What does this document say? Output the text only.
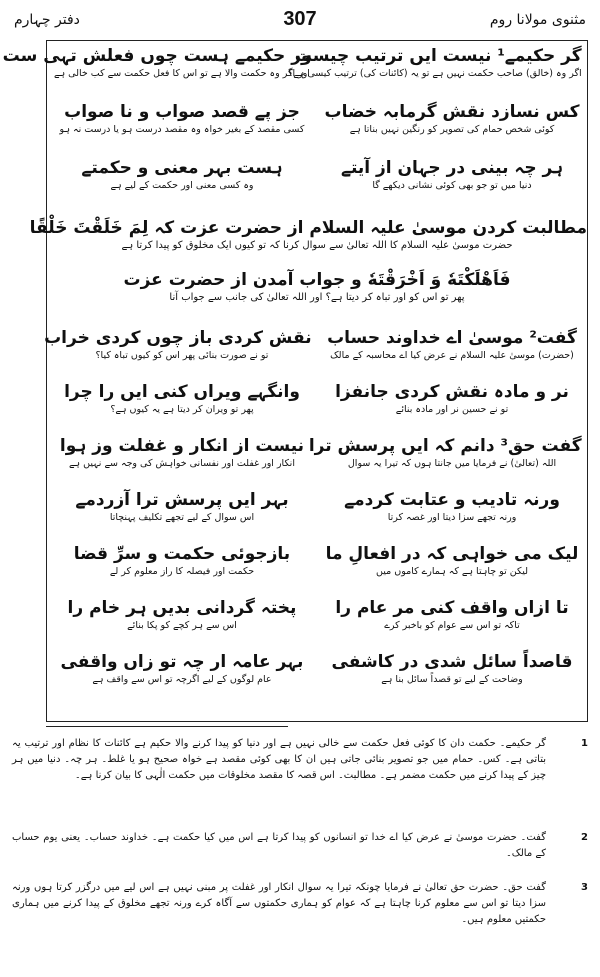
مثنوی مولانا روم
307
دفتر چہارم
گر حکیمے¹ نیست ایں ترتیب چیست
اگر وہ (خالق) صاحب حکمت نہیں ہے تو یہ (کائنات کی) ترتیب کیسی ہے؟
ور حکیمے ہست چوں فعلش تہی ست
اور اگر وہ حکمت والا ہے تو اس کا فعل حکمت سے کب خالی ہے
کس نسازد نقش گرمابہ خضاب
کوئی شخص حمام کی تصویر کو رنگین نہیں بناتا ہے
جز پے قصد صواب و نا صواب
کسی مقصد کے بغیر خواہ وہ مقصد درست ہو یا درست نہ ہو
ہر چہ بینی در جہان از آیتے
دنیا میں تو جو بھی کوئی نشانی دیکھے گا
ہست بہر معنی و حکمتے
وہ کسی معنی اور حکمت کے لیے ہے
مطالبت کردن موسیٰ علیہ السلام از حضرت عزت کہ لِمَ خَلَقْتَ خَلْقًا
حضرت موسیٰ علیہ السلام کا اللہ تعالیٰ سے سوال کرنا کہ تو کیوں ایک مخلوق کو پیدا کرتا ہے
فَاَهْلَکْتَهٗ وَ اَخْرَقْتَهٗ و جواب آمدن از حضرت عزت
پھر تو اس کو اور تباہ کر دیتا ہے؟ اور اللہ تعالیٰ کی جانب سے جواب آنا
گفت² موسیٰ اے خداوند حساب
(حضرت) موسیٰ علیہ السلام نے عرض کیا اے محاسبہ کے مالک
نقش کردی باز چوں کردی خراب
تو نے صورت بنائی پھر اس کو کیوں تباہ کیا؟
نر و مادہ نقش کردی جانفزا
تو نے حسین نر اور مادہ بنائے
وانگہے ویراں کنی ایں را چرا
پھر تو ویران کر دیتا ہے یہ کیوں ہے؟
گفت حق³ دانم کہ ایں پرسش ترا
اللہ (تعالیٰ) نے فرمایا میں جانتا ہوں کہ تیرا یہ سوال
نیست از انکار و غفلت وز ہوا
انکار اور غفلت اور نفسانی خواہش کی وجہ سے نہیں ہے
ورنہ تادیب و عتابت کردمے
ورنہ تجھے سزا دیتا اور غصہ کرتا
بہر ایں پرسش ترا آزردمے
اس سوال کے لیے تجھے تکلیف پہنچاتا
لیک می خواہی کہ در افعالِ ما
لیکن تو چاہتا ہے کہ ہمارے کاموں میں
بازجوئی حکمت و سرِّ قضا
حکمت اور فیصلہ کا راز معلوم کر لے
تا ازاں واقف کنی مر عام را
تاکہ تو اس سے عوام کو باخبر کرے
پختہ گردانی بدیں ہر خام را
اس سے ہر کچے کو پکا بنائے
قاصداً سائل شدی در کاشفی
وضاحت کے لیے تو قصداً سائل بنا ہے
بہر عامہ ار چہ تو زاں واقفی
عام لوگوں کے لیے اگرچہ تو اس سے واقف ہے
1
گر حکیمے۔ حکمت دان کا کوئی فعل حکمت سے خالی نہیں ہے اور دنیا کو پیدا کرنے والا حکیم ہے کائنات کا نظام اور ترتیب یہ بتاتی ہے۔ کس۔ حمام میں جو تصویر بنائی جاتی ہیں ان کا بھی کوئی مقصد ہے خواہ صحیح ہو یا غلط۔ ہر چہ۔ دنیا میں ہر چیز کے پیدا کرنے میں حکمت مضمر ہے۔ مطالبت۔ اس قصہ کا مقصد مخلوقات میں حکمت الٰہی کا بیان کرنا ہے۔
2
گفت۔ حضرت موسیٰ نے عرض کیا اے خدا تو انسانوں کو پیدا کرتا ہے اس میں کیا حکمت ہے۔ خداوند حساب۔ یعنی یوم حساب کے مالک۔
3
گفت حق۔ حضرت حق تعالیٰ نے فرمایا چونکہ تیرا یہ سوال انکار اور غفلت پر مبنی نہیں ہے اس لیے میں درگزر کرتا ہوں ورنہ سزا دیتا تو اس سے معلوم کرنا چاہتا ہے کہ عوام کو ہماری حکمتوں سے آگاہ کرے ورنہ تجھے مخلوق کے پیدا کرنے میں ہماری حکمتیں معلوم ہیں۔
